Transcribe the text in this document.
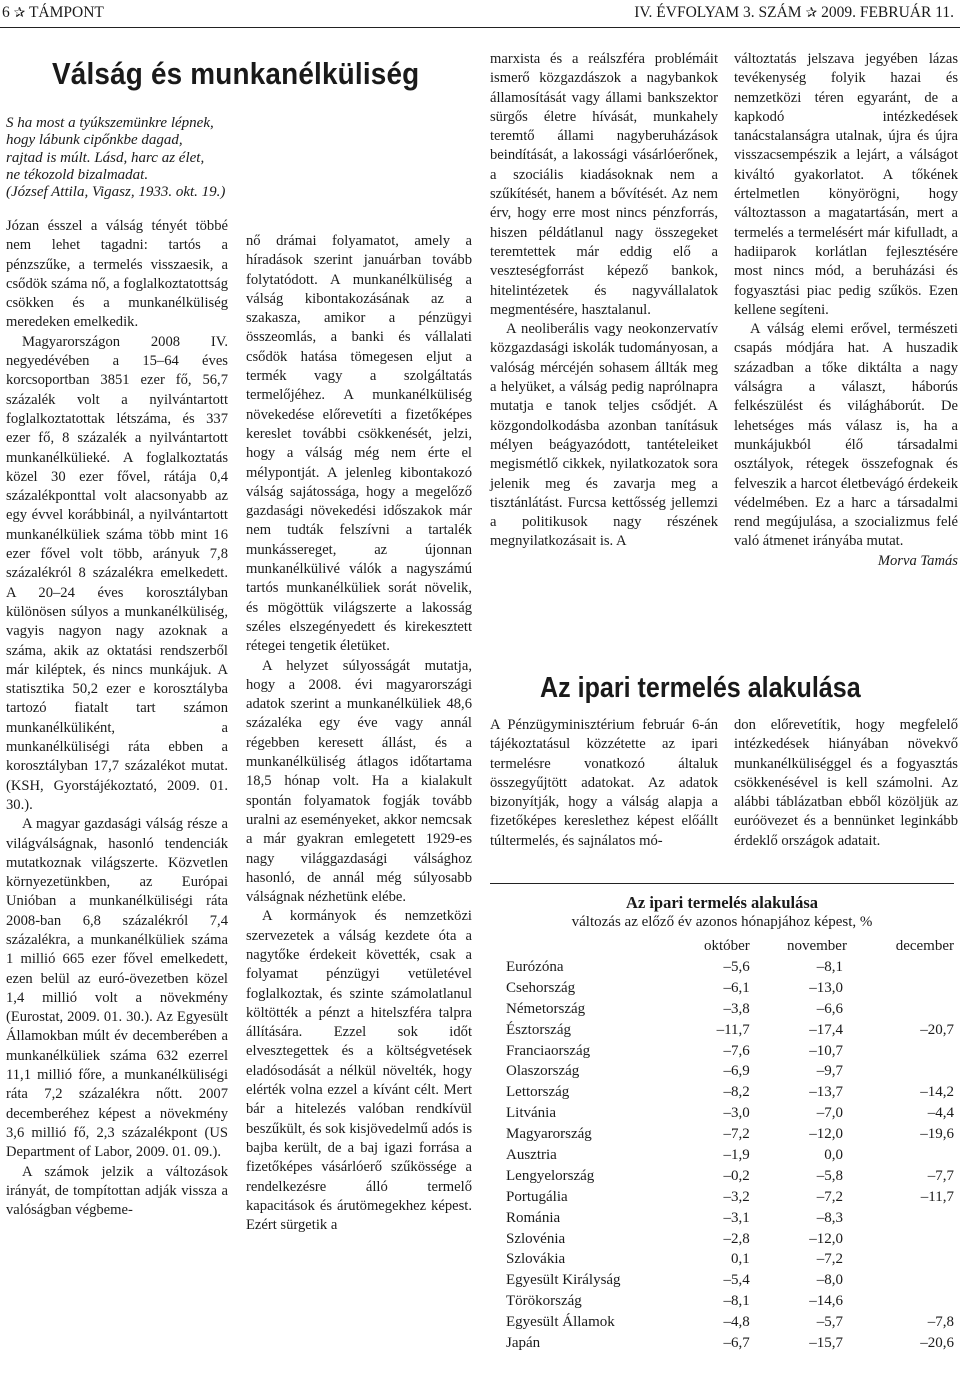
6 ✰ TÁMPONT	IV. ÉVFOLYAM 3. SZÁM ✰ 2009. FEBRUÁR 11.
Válság és munkanélküliség
S ha most a tyúkszemünkre lépnek,
hogy lábunk cipőnkbe dagad,
rajtad is múlt. Lásd, harc az élet,
ne tékozold bizalmadat.
(József Attila, Vigasz, 1933. okt. 19.)

Józan ésszel a válság tényét többé nem lehet tagadni: tartós a pénzszűke, a termelés visszaesik, a csődök száma nő, a foglalkoztatottság csökken és a munkanélküliség meredeken emelkedik.

Magyarországon 2008 IV. negyedévében a 15–64 éves korcsoportban 3851 ezer fő, 56,7 százalék volt a nyilvántartott foglalkoztatottak létszáma, és 337 ezer fő, 8 százalék a nyilvántartott munkanélkülieké. A foglalkoztatás közel 30 ezer fővel, rátája 0,4 százalékponttal volt alacsonyabb az egy évvel korábbinál, a nyilvántartott munkanélküliek száma több mint 16 ezer fővel volt több, arányuk 7,8 százalékról 8 százalékra emelkedett. A 20–24 éves korosztályban különösen súlyos a munkanélküliség, vagyis nagyon nagy azoknak a száma, akik az oktatási rendszerből már kiléptek, és nincs munkájuk. A statisztika 50,2 ezer e korosztályba tartozó fiatalt tart számon munkanélküliként, a munkanélküliségi ráta ebben a korosztályban 17,7 százalékot mutat. (KSH, Gyorstájékoztató, 2009. 01. 30.).

A magyar gazdasági válság része a világválságnak, hasonló tendenciák mutatkoznak világszerte. Közvetlen környezetünkben, az Európai Unióban a munkanélküliségi ráta 2008-ban 6,8 százalékról 7,4 százalékra, a munkanélküliek száma 1 millió 665 ezer fővel emelkedett, ezen belül az euró-övezetben közel 1,4 millió volt a növekmény (Eurostat, 2009. 01. 30.). Az Egyesült Államokban múlt év decemberében a munkanélküliek száma 632 ezerrel 11,1 millió főre, a munkanélküliségi ráta 7,2 százalékra nőtt. 2007 decemberéhez képest a növekmény 3,6 millió fő, 2,3 százalékpont (US Department of Labor, 2009. 01. 09.).

A számok jelzik a változások irányát, de tompítottan adják vissza a valóságban végbeme-

nő drámai folyamatot, amely a híradások szerint januárban tovább folytatódott. A munkanélküliség a válság kibontakozásának az a szakasza, amikor a pénzügyi összeomlás, a banki és vállalati csődök hatása tömegesen eljut a termék vagy a szolgáltatás termelőjéhez. A munkanélküliség növekedése előrevetíti a fizetőképes kereslet további csökkenését, jelzi, hogy a válság még nem érte el mélypontját. A jelenleg kibontakozó válság sajátossága, hogy a megelőző gazdasági növekedési időszakok már nem tudták felszívni a tartalék munkássereget, az újonnan munkanélkülivé válók a nagyszámú tartós munkanélküliek sorát növelik, és mögöttük világszerte a lakosság széles elszegényedett és kirekesztett rétegei tengetik életüket.

A helyzet súlyosságát mutatja, hogy a 2008. évi magyarországi adatok szerint a munkanélküliek 48,6 százaléka egy éve vagy annál régebben keresett állást, és a munkanélküliség átlagos időtartama 18,5 hónap volt. Ha a kialakult spontán folyamatok fogják tovább uralni az eseményeket, akkor nemcsak a már gyakran emlegetett 1929-es nagy világgazdasági válsághoz hasonló, de annál még súlyosabb válságnak nézhetünk elébe.

A kormányok és nemzetközi szervezetek a válság kezdete óta a nagytőke érdekeit követték, csak a folyamat pénzügyi vetületével foglalkoztak, és szinte számolatlanul költötték a pénzt a hitelszféra talpra állítására. Ezzel sok időt elvesztegettek és a költségvetések eladósodását a nélkül növelték, hogy elérték volna ezzel a kívánt célt. Mert bár a hitelezés valóban rendkívül beszűkült, és sok kisjövedelmű adós is bajba került, de a baj igazi forrása a fizetőképes vásárlóerő szűkössége a rendelkezésre álló termelő kapacitások és árutömegekhez képest. Ezért sürgetik a

marxista és a reálszféra problémáit ismerő közgazdászok a nagybankok államosítását vagy állami bankszektor sürgős életre hívását, munkahely teremtő állami nagyberuházások beindítását, a lakossági vásárlóerőnek, a szociális kiadásoknak nem a szűkítését, hanem a bővítését. Az nem érv, hogy erre most nincs pénzforrás, hiszen példátlanul nagy összegeket teremtettek már eddig elő a veszteségforrást képező bankok, hitelintézetek és nagyvállalatok megmentésére, hasztalanul.

A neoliberális vagy neokonzervatív közgazdasági iskolák tudományosan, a valóság mércéjén sohasem állták meg a helyüket, a válság pedig naprólnapra mutatja e tanok teljes csődjét. A közgondolkodásba azonban tanításuk mélyen beágyazódott, tantételeiket megismétlő cikkek, nyilatkozatok sora jelenik meg és zavarja meg a tisztánlátást. Furcsa kettősség jellemzi a politikusok nagy részének megnyilatkozásait is. A

változtatás jelszava jegyében lázas tevékenység folyik hazai és nemzetközi téren egyaránt, de a kapkodó intézkedések tanácstalanságra utalnak, újra és újra visszacsempészik a lejárt, a válságot kiváltó gyakorlatot. A tőkének értelmetlen könyörögni, hogy változtasson a magatartásán, mert a termelés a termelésért már kifulladt, a hadiiparok korlátlan fejlesztésére most nincs mód, a beruházási és fogyasztási piac pedig szűkös. Ezen kellene segíteni.

A válság elemi erővel, természeti csapás módjára hat. A huszadik században a tőke diktálta a nagy válságra a választ, háborús felkészülést és világháborút. De lehetséges más válasz is, ha a munkájukból élő társadalmi osztályok, rétegek összefognak és felveszik a harcot életbevágó érdekeik védelmében. Ez a harc a társadalmi rend megújulása, a szocializmus felé való átmenet irányába mutat.

Morva Tamás
Az ipari termelés alakulása

A Pénzügyminisztérium február 6-án tájékoztatásul közzétette az ipari termelésre vonatkozó általuk összegyűjtött adatokat. Az adatok bizonyítják, hogy a válság alapja a fizetőképes kereslethez képest előállt túltermelés, és sajnálatos mó-

don előrevetítik, hogy megfelelő intézkedések hiányában növekvő munkanélküliséggel és a fogyasztás csökkenésével is kell számolni. Az alábbi táblázatban ebből közöljük az euróövezet és a bennünket leginkább érdeklő országok adatait.

Az ipari termelés alakulása
változás az előző év azonos hónapjához képest, %
	október	november	december
Eurózóna	–5,6	–8,1	
Csehország	–6,1	–13,0	
Németország	–3,8	–6,6	
Észtország	–11,7	–17,4	–20,7
Franciaország	–7,6	–10,7	
Olaszország	–6,9	–9,7	
Lettország	–8,2	–13,7	–14,2
Litvánia	–3,0	–7,0	–4,4
Magyarország	–7,2	–12,0	–19,6
Ausztria	–1,9	0,0	
Lengyelország	–0,2	–5,8	–7,7
Portugália	–3,2	–7,2	–11,7
Románia	–3,1	–8,3	
Szlovénia	–2,8	–12,0	
Szlovákia	0,1	–7,2	
Egyesült Királyság	–5,4	–8,0	
Törökország	–8,1	–14,6	
Egyesült Államok	–4,8	–5,7	–7,8
Japán	–6,7	–15,7	–20,6
